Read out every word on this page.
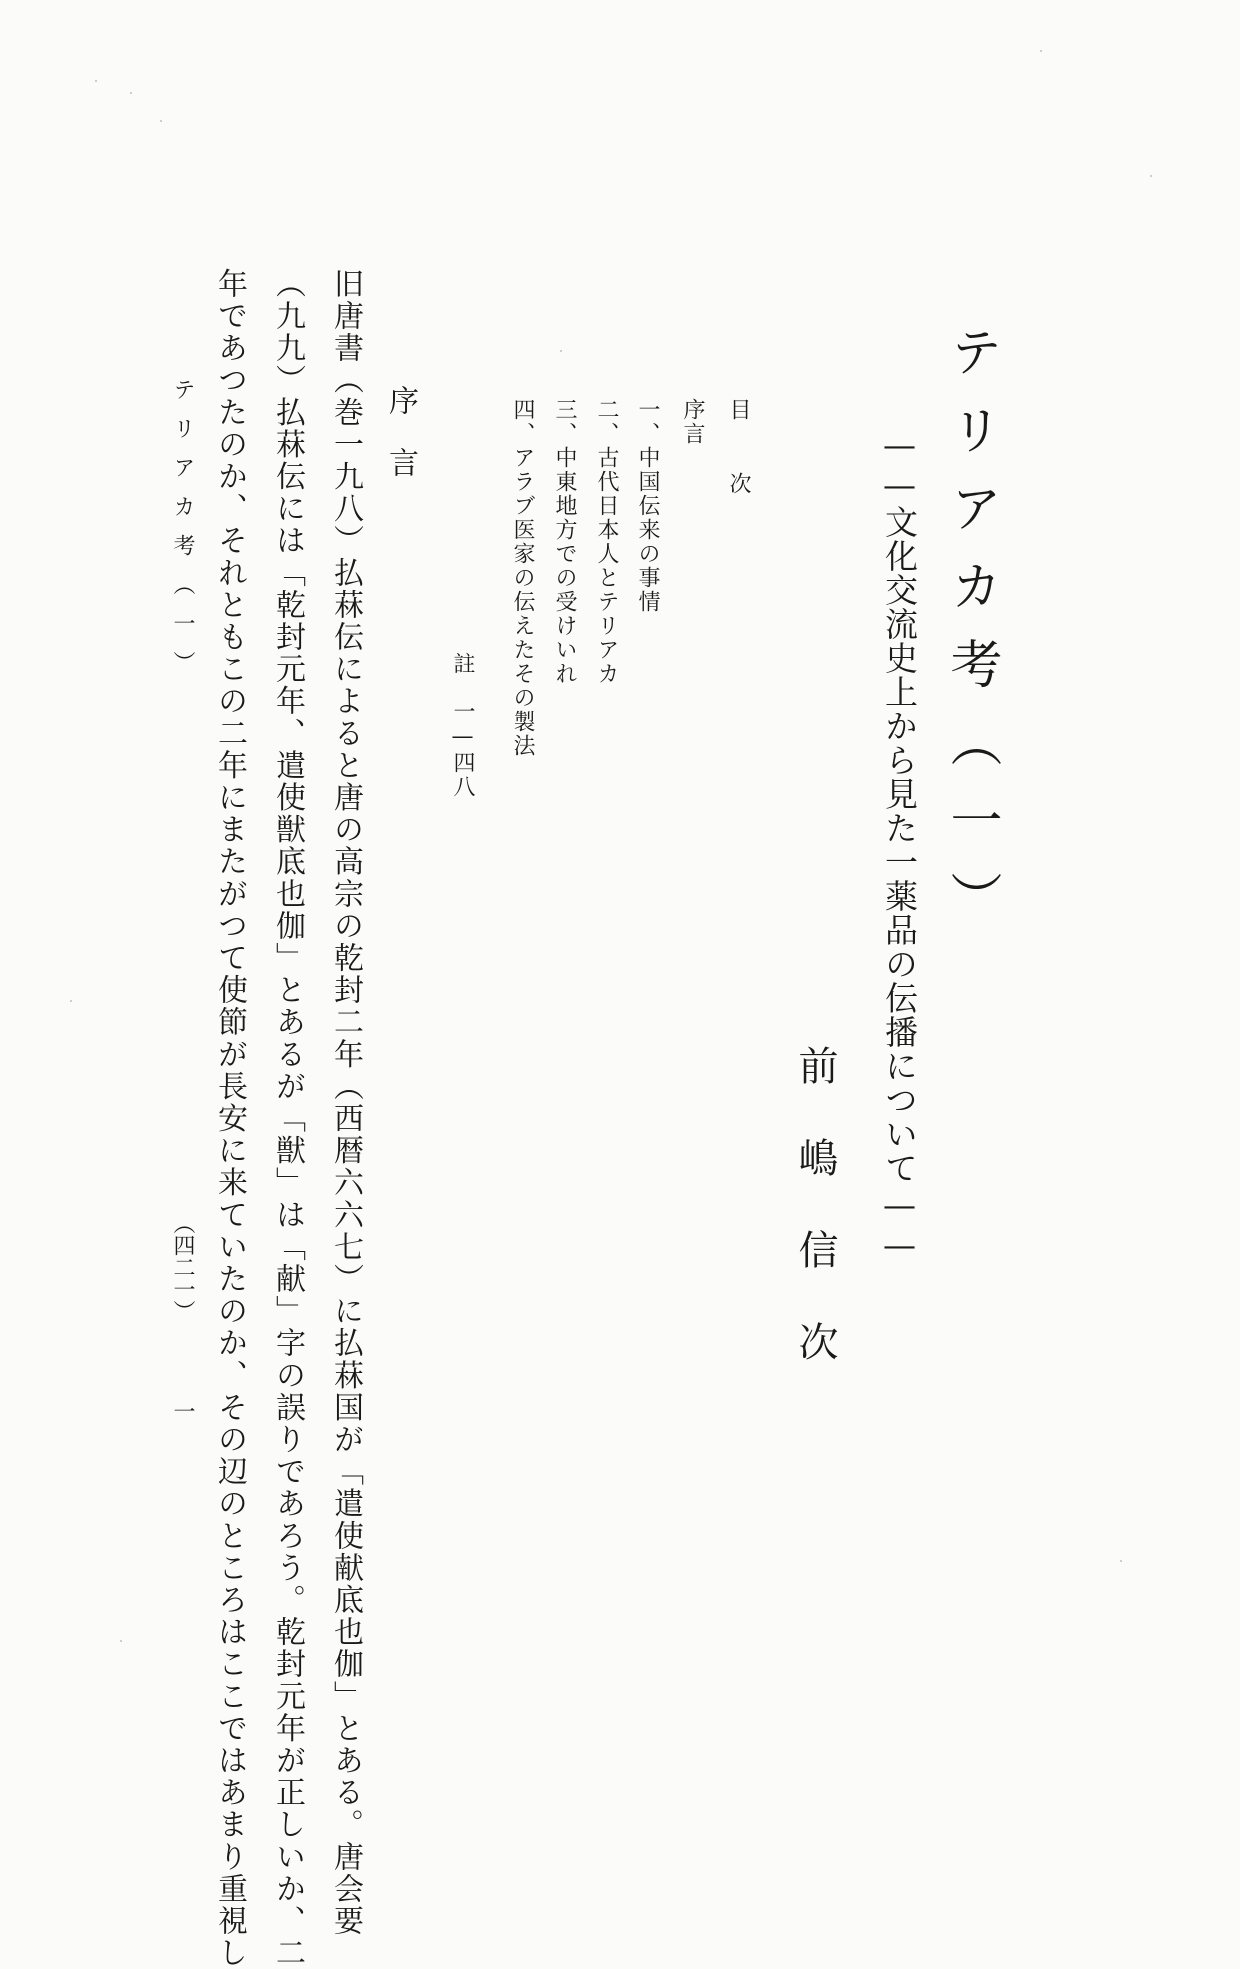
テリアカ考（一）
——文化交流史上から見た一薬品の伝播について——
前嶋信次
目次
序言
一、中国伝来の事情
二、古代日本人とテリアカ
三、中東地方での受けいれ
四、アラブ医家の伝えたその製法
註　一—四八
序言
旧唐書（巻一九八）払菻伝によると唐の高宗の乾封二年（西暦六六七）に払菻国が「遣使献底也伽」とある。唐会要
（九九）払菻伝には「乾封元年、遣使獣底也伽」とあるが「獣」は「献」字の誤りであろう。乾封元年が正しいか、二
年であつたのか、それともこの二年にまたがつて使節が長安に来ていたのか、その辺のところはここではあまり重視し
テリアカ考（一）
（四二一）
一
